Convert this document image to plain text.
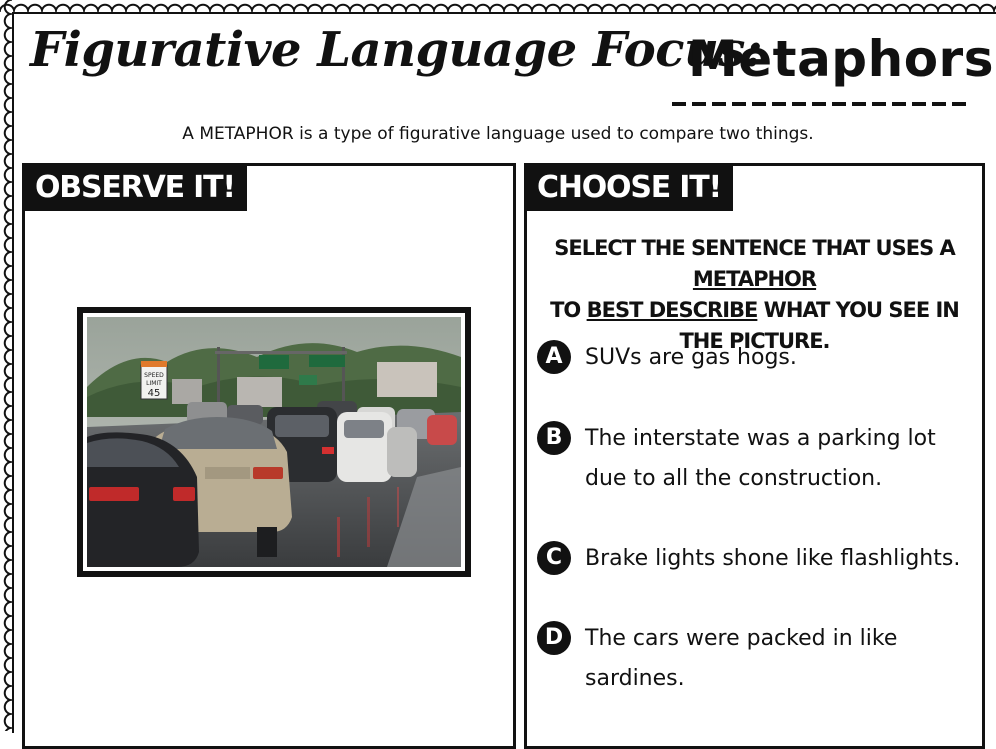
Figurative Language Focus:
Metaphors
A METAPHOR is a type of figurative language used to compare two things.
OBSERVE IT!
SPEED
LIMIT
45
CHOOSE IT!
SELECT THE SENTENCE THAT USES A METAPHOR
TO BEST DESCRIBE WHAT YOU SEE IN THE PICTURE.
A	SUVs are gas hogs.
B	The interstate was a parking lot due to all the construction.
C	Brake lights shone like flashlights.
D The cars were packed in like sardines.
